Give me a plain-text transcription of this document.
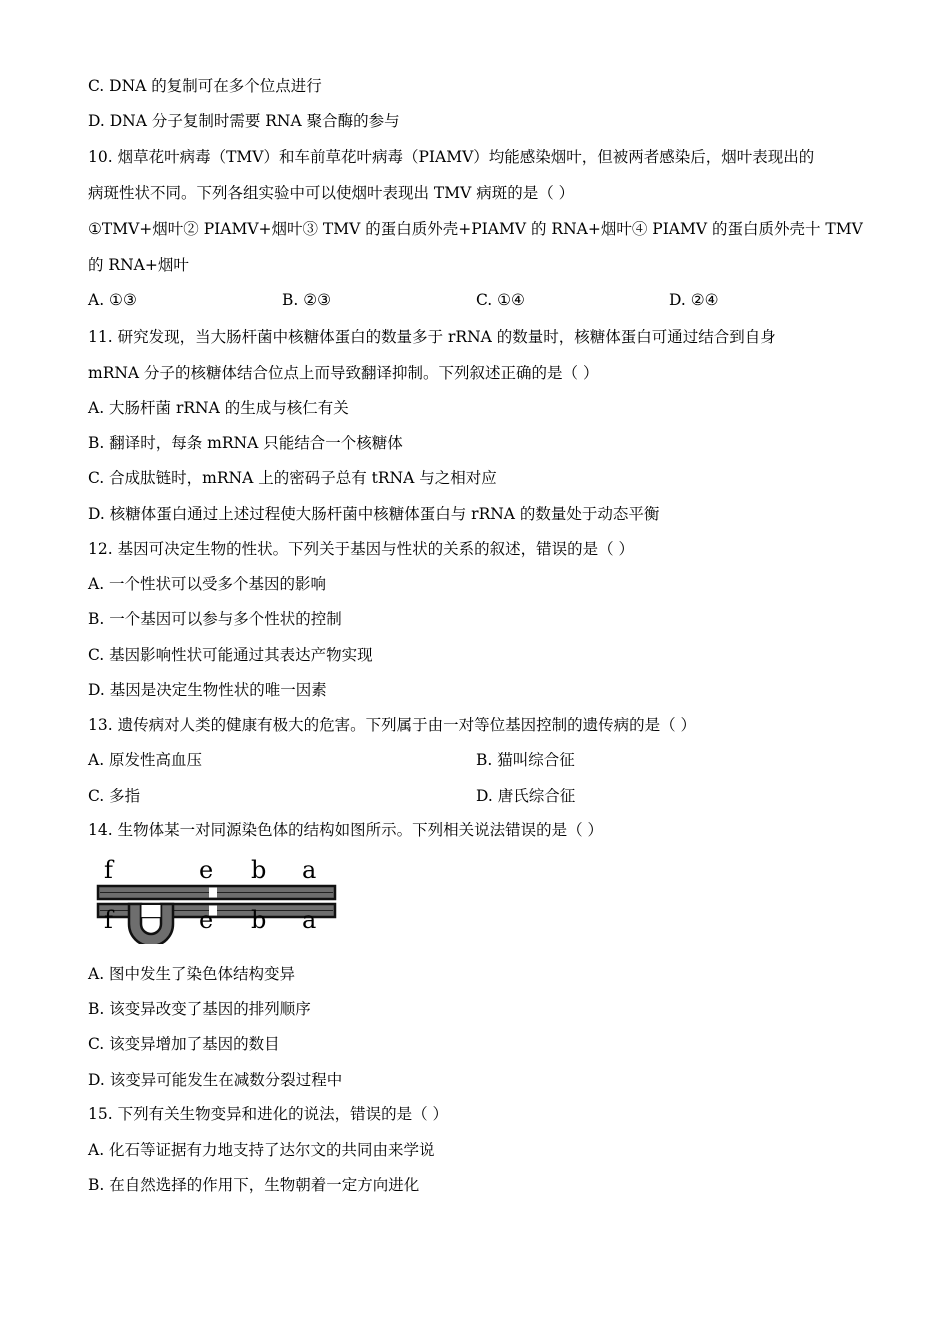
C. DNA 的复制可在多个位点进行
D. DNA 分子复制时需要 RNA 聚合酶的参与
10. 烟草花叶病毒（TMV）和车前草花叶病毒（PIAMV）均能感染烟叶，但被两者感染后，烟叶表现出的
病斑性状不同。下列各组实验中可以使烟叶表现出 TMV 病斑的是（ ）
①TMV+烟叶② PIAMV+烟叶③ TMV 的蛋白质外壳+PIAMV 的 RNA+烟叶④ PIAMV 的蛋白质外壳十 TMV
的 RNA+烟叶
A. ①③	B. ②③	C. ①④	D. ②④
11. 研究发现，当大肠杆菌中核糖体蛋白的数量多于 rRNA 的数量时，核糖体蛋白可通过结合到自身
mRNA 分子的核糖体结合位点上而导致翻译抑制。下列叙述正确的是（ ）
A. 大肠杆菌 rRNA 的生成与核仁有关
B. 翻译时，每条 mRNA 只能结合一个核糖体
C. 合成肽链时，mRNA 上的密码子总有 tRNA 与之相对应
D. 核糖体蛋白通过上述过程使大肠杆菌中核糖体蛋白与 rRNA 的数量处于动态平衡
12. 基因可决定生物的性状。下列关于基因与性状的关系的叙述，错误的是（ ）
A. 一个性状可以受多个基因的影响
B. 一个基因可以参与多个性状的控制
C. 基因影响性状可能通过其表达产物实现
D. 基因是决定生物性状的唯一因素
13. 遗传病对人类的健康有极大的危害。下列属于由一对等位基因控制的遗传病的是（ ）
A. 原发性高血压	B. 猫叫综合征
C. 多指	D. 唐氏综合征
14. 生物体某一对同源染色体的结构如图所示。下列相关说法错误的是（ ）
f	e b a
f	e b a
A. 图中发生了染色体结构变异
B. 该变异改变了基因的排列顺序
C. 该变异增加了基因的数目
D. 该变异可能发生在减数分裂过程中
15. 下列有关生物变异和进化的说法，错误的是（ ）
A. 化石等证据有力地支持了达尔文的共同由来学说
B. 在自然选择的作用下，生物朝着一定方向进化
